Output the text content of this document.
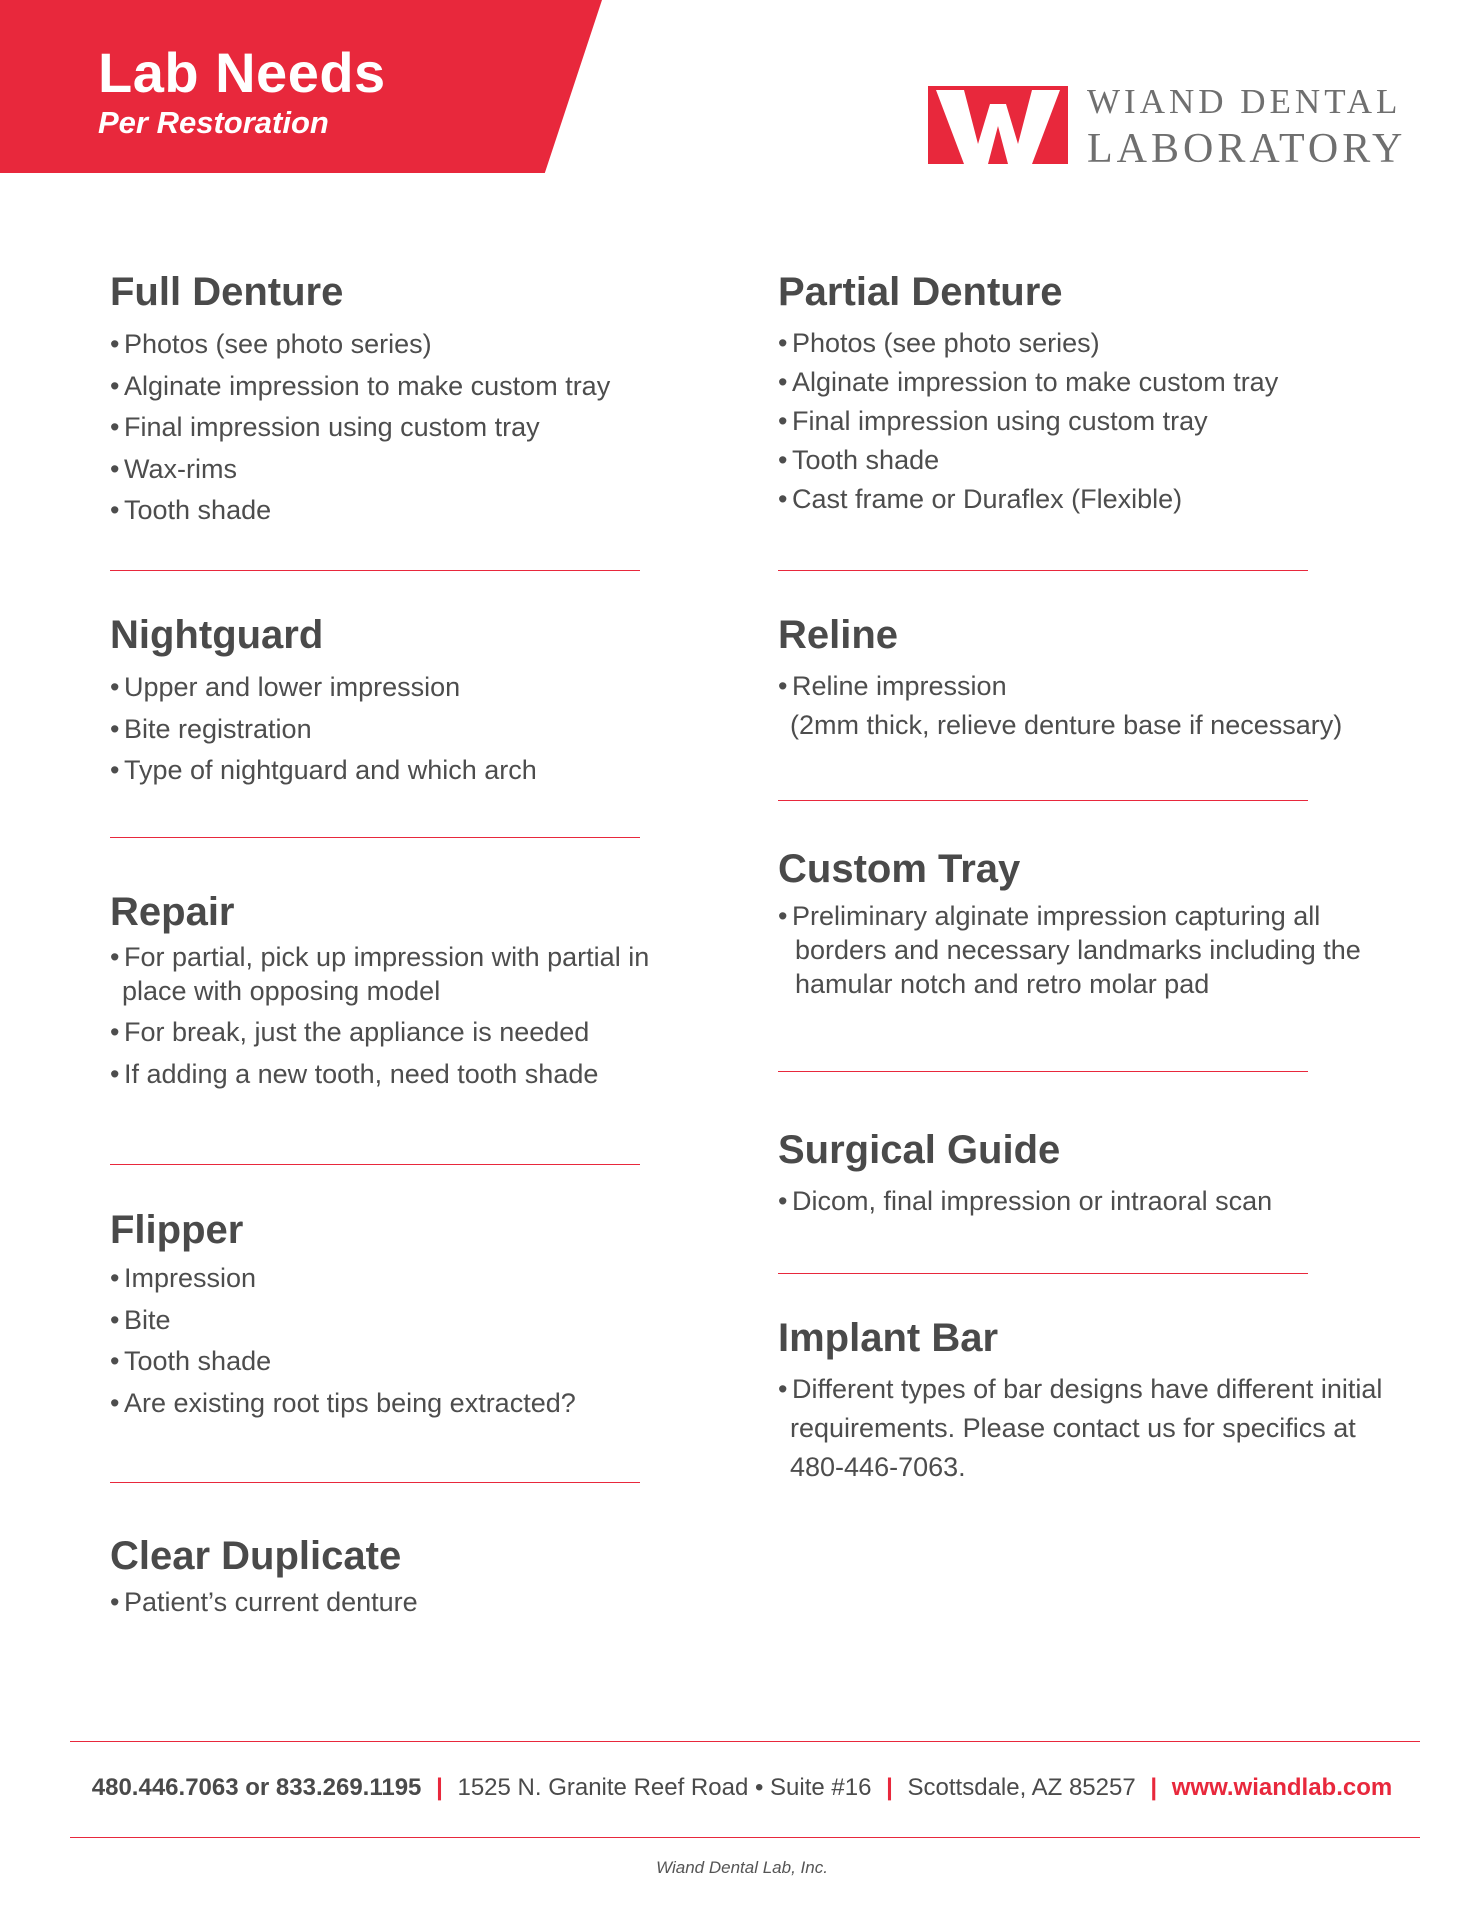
Lab Needs
Per Restoration
WIAND DENTAL
LABORATORY
Full Denture
• Photos (see photo series)
• Alginate impression to make custom tray
• Final impression using custom tray
• Wax-rims
• Tooth shade
Partial Denture
• Photos (see photo series)
• Alginate impression to make custom tray
• Final impression using custom tray
• Tooth shade
• Cast frame or Duraflex (Flexible)
Nightguard
• Upper and lower impression
• Bite registration
• Type of nightguard and which arch
Reline
• Reline impression
(2mm thick, relieve denture base if necessary)
Repair
• For partial, pick up impression with partial in
place with opposing model
• For break, just the appliance is needed
• If adding a new tooth, need tooth shade
Custom Tray
• Preliminary alginate impression capturing all
borders and necessary landmarks including the
hamular notch and retro molar pad
Flipper
• Impression
• Bite
• Tooth shade
• Are existing root tips being extracted?
Surgical Guide
• Dicom, final impression or intraoral scan
Implant Bar
• Different types of bar designs have different initial
requirements. Please contact us for specifics at
480-446-7063.
Clear Duplicate
• Patient’s current denture
480.446.7063 or 833.269.1195 | 1525 N. Granite Reef Road • Suite #16 | Scottsdale, AZ 85257 | www.wiandlab.com
Wiand Dental Lab, Inc.
